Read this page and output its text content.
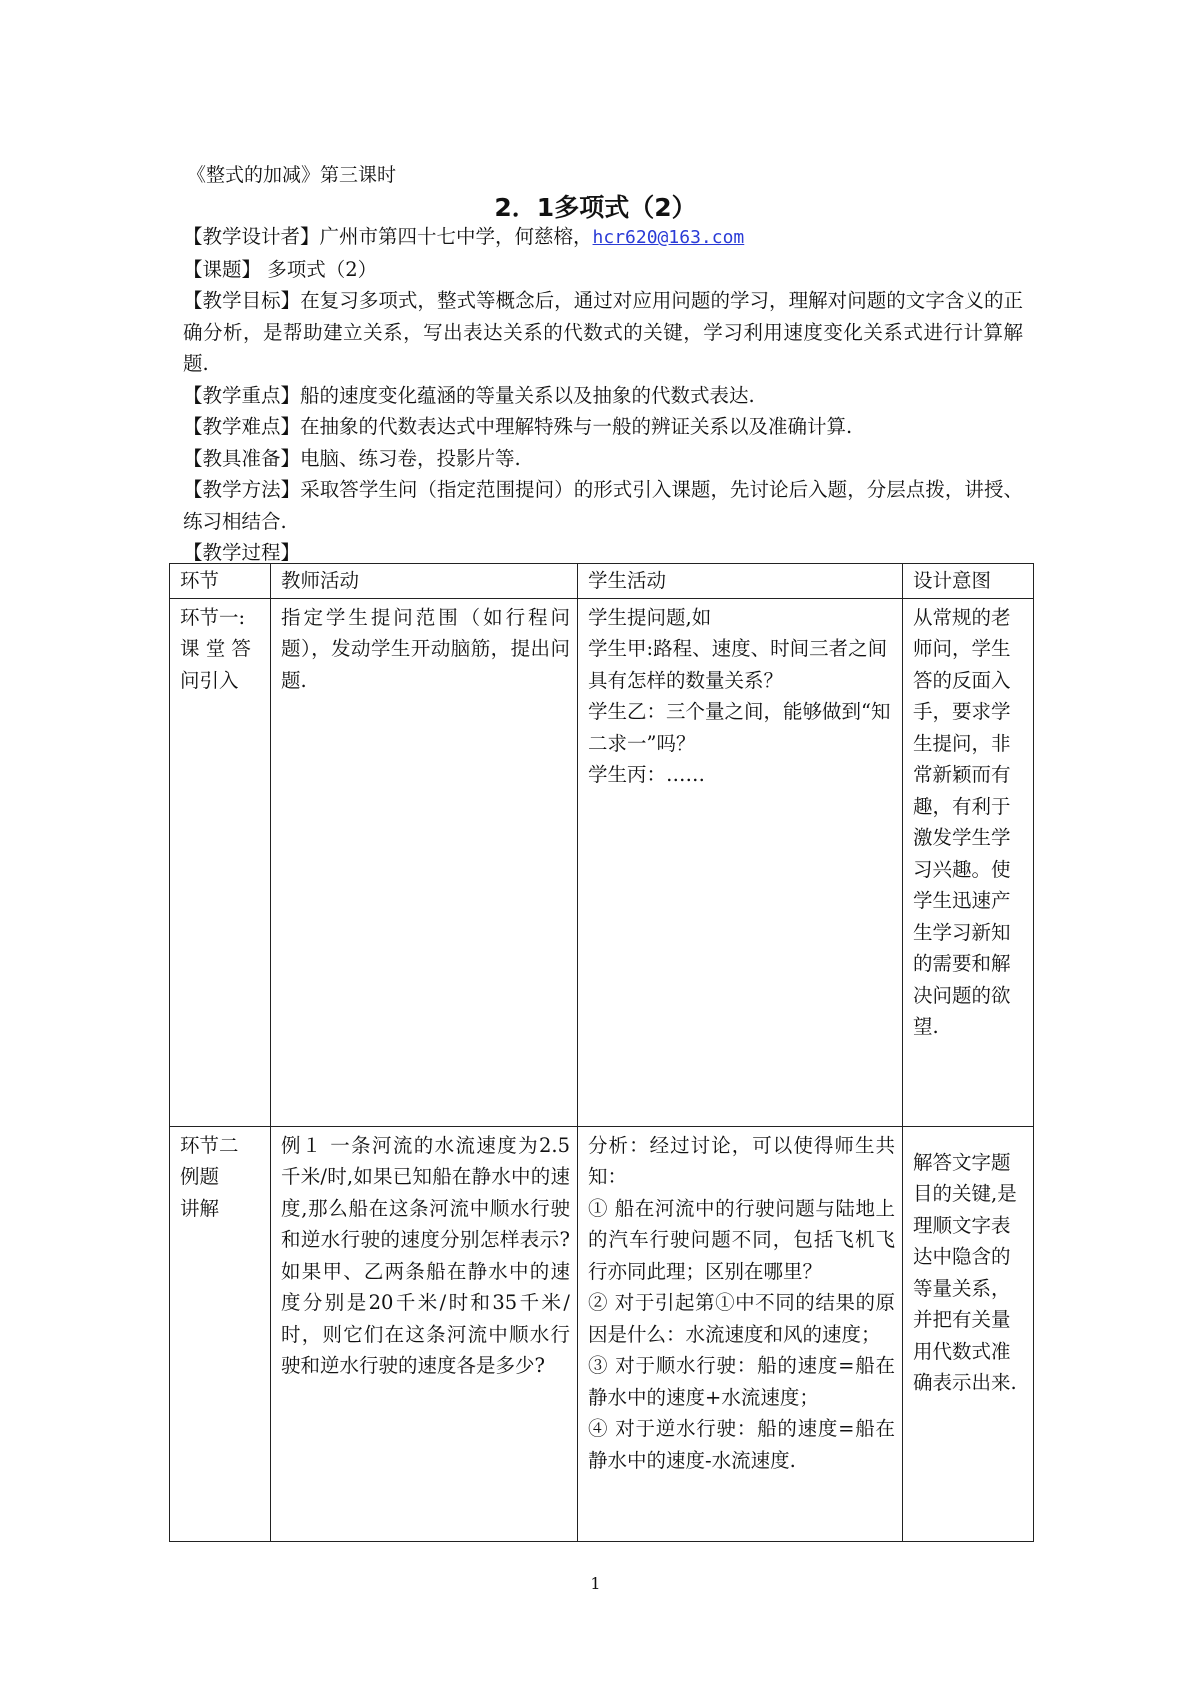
《整式的加减》第三课时
2．1多项式（2）

【教学设计者】广州市第四十七中学，何慈榕，hcr620@163.com

【课题】 多项式（2）

【教学目标】在复习多项式，整式等概念后，通过对应用问题的学习，理解对问题的文字含义的正确分析，是帮助建立关系，写出表达关系的代数式的关键，学习利用速度变化关系式进行计算解题.

【教学重点】船的速度变化蕴涵的等量关系以及抽象的代数式表达.

【教学难点】在抽象的代数表达式中理解特殊与一般的辨证关系以及准确计算.

【教具准备】电脑、练习卷，投影片等.

【教学方法】采取答学生问（指定范围提问）的形式引入课题，先讨论后入题，分层点拨，讲授、练习相结合.

【教学过程】

环节	教师活动	学生活动	设计意图

环节一:
课 堂 答
问引入	指定学生提问范围（如行程问题），发动学生开动脑筋，提出问题.	学生提问题,如
学生甲:路程、速度、时间三者之间具有怎样的数量关系？
学生乙：三个量之间，能够做到“知二求一”吗？
学生丙：……	从常规的老师问，学生答的反面入手，要求学生提问，非常新颖而有趣，有利于激发学生学习兴趣。使学生迅速产生学习新知的需要和解决问题的欲望.

环节二
例题
讲解	例１ 一条河流的水流速度为2.5千米/时,如果已知船在静水中的速度,那么船在这条河流中顺水行驶和逆水行驶的速度分别怎样表示?如果甲、乙两条船在静水中的速度分别是20千米/时和35千米/时，则它们在这条河流中顺水行驶和逆水行驶的速度各是多少?	分析：经过讨论，可以使得师生共知：
① 船在河流中的行驶问题与陆地上的汽车行驶问题不同，包括飞机飞行亦同此理；区别在哪里？
② 对于引起第①中不同的结果的原因是什么：水流速度和风的速度；
③ 对于顺水行驶：船的速度=船在静水中的速度+水流速度；
④ 对于逆水行驶：船的速度=船在静水中的速度-水流速度.	解答文字题目的关键,是理顺文字表达中隐含的等量关系，并把有关量用代数式准确表示出来.
1
